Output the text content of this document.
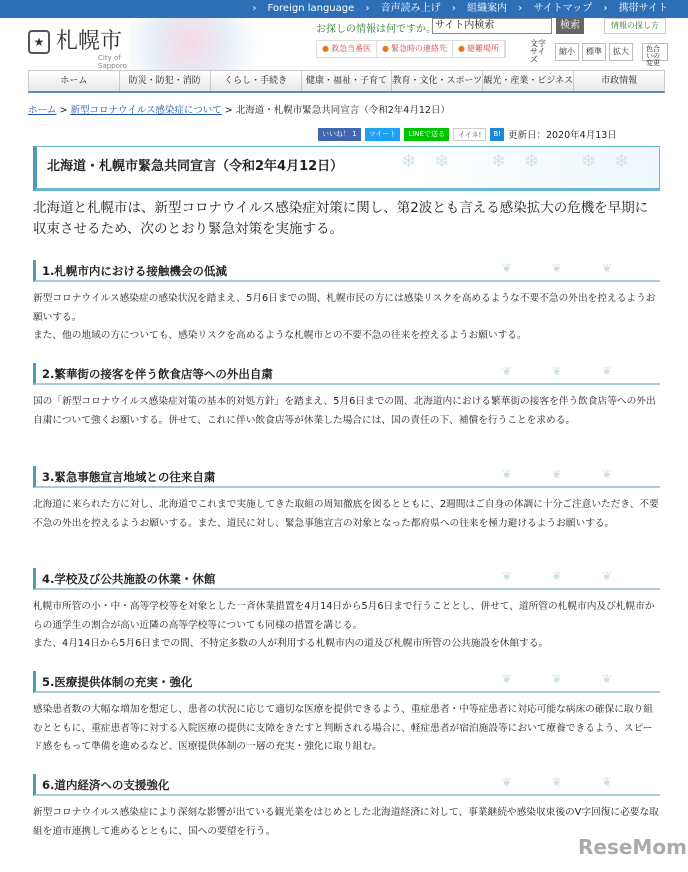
› Foreign language › 音声読み上げ › 組織案内 › サイトマップ › 携帯サイト
★ 札幌市
City of Sapporo
お探しの情報は何ですか。 サイト内検索	検索	情報の探し方
● 救急当番医	● 緊急時の連絡先	● 避難場所
文字サイズ
縮小	標準	拡大	色合いの変更
ホーム	防災・防犯・消防	くらし・手続き	健康・福祉・子育て 教育・文化・スポーツ 観光・産業・ビジネス	市政情報
ホーム > 新型コロナウイルス感染症について > 北海道・札幌市緊急共同宣言（令和2年4月12日）
いいね！ 1	ツイート	LINEで送る	イイネ!	B! 更新日：2020年4月13日
北海道・札幌市緊急共同宣言（令和2年4月12日）	❄❄ ❄❄ ❄❄
北海道と札幌市は、新型コロナウイルス感染症対策に関し、第2波とも言える感染拡大の危機を早期に収束させるため、次のとおり緊急対策を実施する。
1.札幌市内における接触機会の低減	❦❦❦

新型コロナウイルス感染症の感染状況を踏まえ、5月6日までの間、札幌市民の方には感染リスクを高めるような不要不急の外出を控えるようお願いする。
また、他の地域の方についても、感染リスクを高めるような札幌市との不要不急の往来を控えるようお願いする。

2.繁華街の接客を伴う飲食店等への外出自粛	❦❦❦

国の「新型コロナウイルス感染症対策の基本的対処方針」を踏まえ、5月6日までの間、北海道内における繁華街の接客を伴う飲食店等への外出自粛について強くお願いする。併せて、これに伴い飲食店等が休業した場合には、国の責任の下、補償を行うことを求める。

3.緊急事態宣言地域との往来自粛	❦❦❦

北海道に来られた方に対し、北海道でこれまで実施してきた取組の周知徹底を図るとともに、2週間はご自身の体調に十分ご注意いただき、不要不急の外出を控えるようお願いする。また、道民に対し、緊急事態宣言の対象となった都府県への往来を極力避けるようお願いする。

4.学校及び公共施設の休業・休館	❦❦❦

札幌市所管の小・中・高等学校等を対象とした一斉休業措置を4月14日から5月6日まで行うこととし、併せて、道所管の札幌市内及び札幌市からの通学生の割合が高い近隣の高等学校等についても同様の措置を講じる。
また、4月14日から5月6日までの間、不特定多数の人が利用する札幌市内の道及び札幌市所管の公共施設を休館する。

5.医療提供体制の充実・強化	❦❦❦

感染患者数の大幅な増加を想定し、患者の状況に応じて適切な医療を提供できるよう、重症患者・中等症患者に対応可能な病床の確保に取り組むとともに、重症患者等に対する入院医療の提供に支障をきたすと判断される場合に、軽症患者が宿泊施設等において療養できるよう、スピード感をもって準備を進めるなど、医療提供体制の一層の充実・強化に取り組む。

6.道内経済への支援強化	❦❦❦

新型コロナウイルス感染症により深刻な影響が出ている観光業をはじめとした北海道経済に対して、事業継続や感染収束後のV字回復に必要な取組を道市連携して進めるとともに、国への要望を行う。

ReseMom
